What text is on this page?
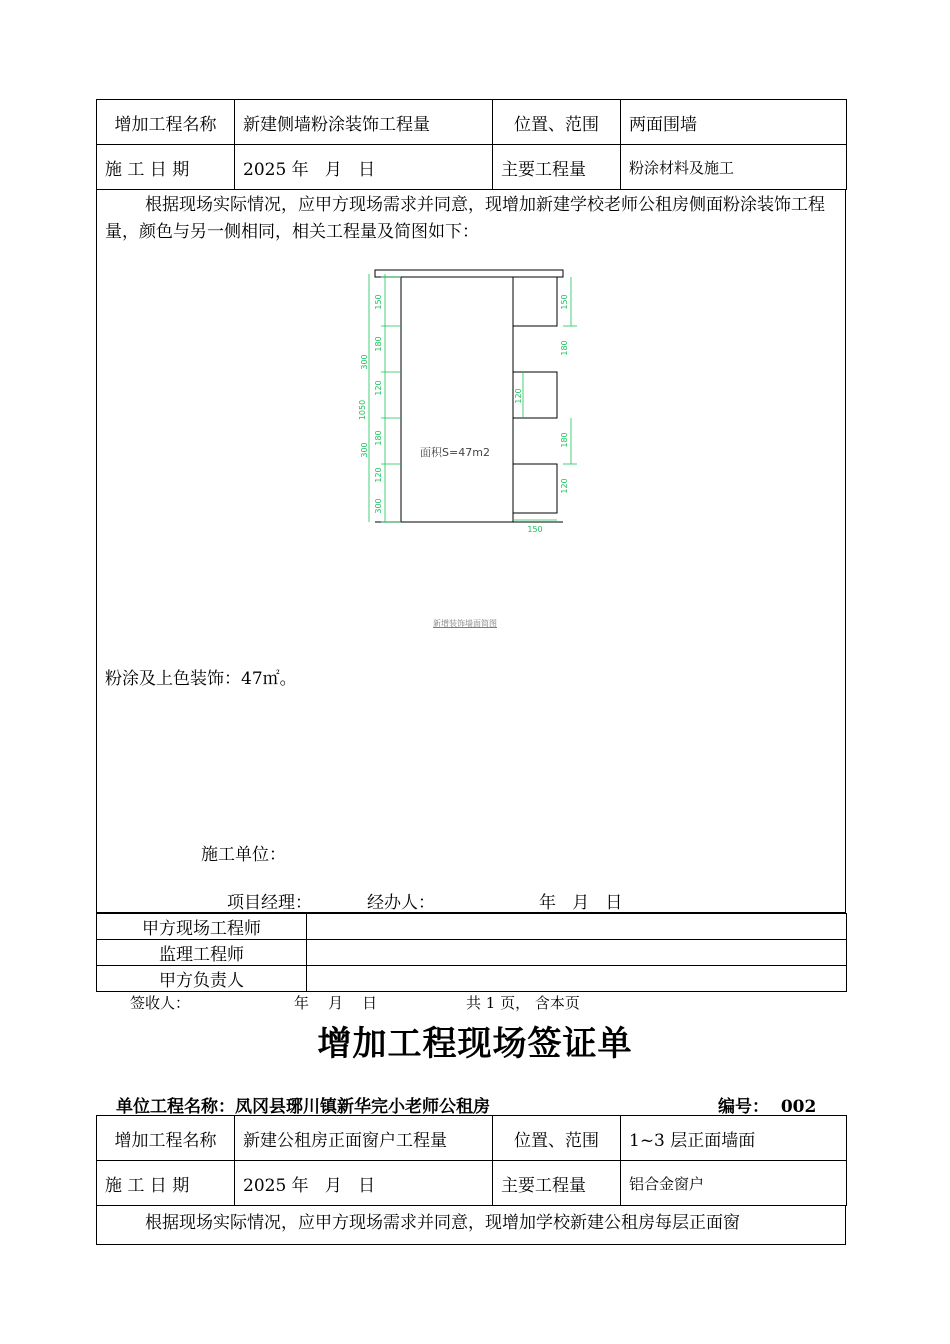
增加工程名称	新建侧墙粉涂装饰工程量	位置、范围	两面围墙
施 工 日 期	2025 年   月   日	主要工程量	粉涂材料及施工

根据现场实际情况，应甲方现场需求并同意，现增加新建学校老师公租房侧面粉涂装饰工程量，颜色与另一侧相同，相关工程量及简图如下：

150
180
300
120
1050
180
300
120
300
150
180
120
180
120
150
面积S=47m2
新增装饰墙面简图
粉涂及上色装饰：47㎡。
施工单位：
项目经理：	经办人：	年   月   日
甲方现场工程师	
监理工程师	
甲方负责人	
签收人：	年    月    日	共 1 页， 含本页
增加工程现场签证单
单位工程名称：凤冈县琊川镇新华完小老师公租房	编号：  002
增加工程名称	新建公租房正面窗户工程量	位置、范围	1~3 层正面墙面
施 工 日 期	2025 年   月   日	主要工程量	铝合金窗户

根据现场实际情况，应甲方现场需求并同意，现增加学校新建公租房每层正面窗
